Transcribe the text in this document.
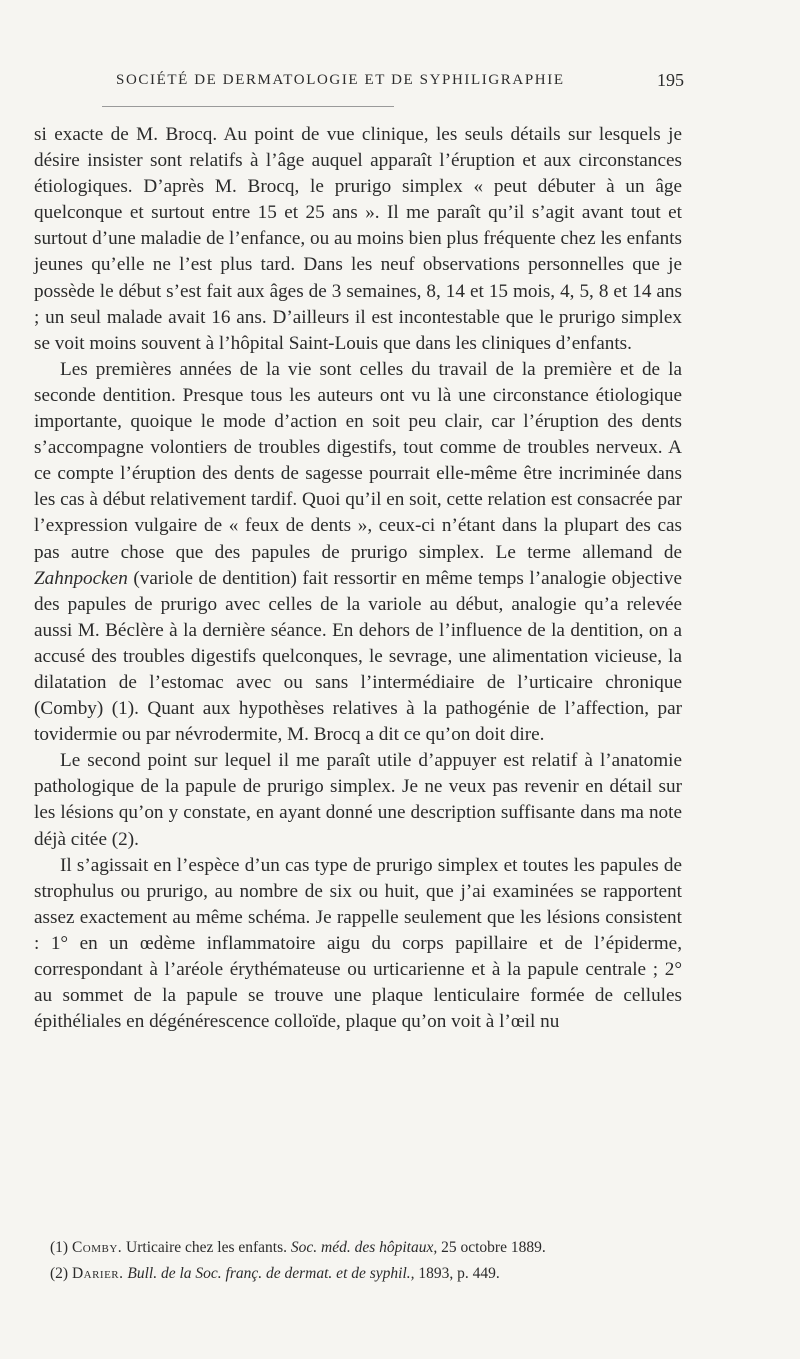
SOCIÉTÉ DE DERMATOLOGIE ET DE SYPHILIGRAPHIE	195

si exacte de M. Brocq. Au point de vue clinique, les seuls détails sur lesquels je désire insister sont relatifs à l’âge auquel apparaît l’éruption et aux circonstances étiologiques. D’après M. Brocq, le prurigo simplex « peut débuter à un âge quelconque et surtout entre 15 et 25 ans ». Il me paraît qu’il s’agit avant tout et surtout d’une maladie de l’enfance, ou au moins bien plus fréquente chez les enfants jeunes qu’elle ne l’est plus tard. Dans les neuf observations personnelles que je possède le début s’est fait aux âges de 3 semaines, 8, 14 et 15 mois, 4, 5, 8 et 14 ans ; un seul malade avait 16 ans. D’ailleurs il est incontestable que le prurigo simplex se voit moins souvent à l’hôpital Saint-Louis que dans les cliniques d’enfants.

Les premières années de la vie sont celles du travail de la première et de la seconde dentition. Presque tous les auteurs ont vu là une circonstance étiologique importante, quoique le mode d’action en soit peu clair, car l’éruption des dents s’accompagne volontiers de troubles digestifs, tout comme de troubles nerveux. A ce compte l’éruption des dents de sagesse pourrait elle-même être incriminée dans les cas à début relativement tardif. Quoi qu’il en soit, cette relation est consacrée par l’expression vulgaire de « feux de dents », ceux-ci n’étant dans la plupart des cas pas autre chose que des papules de prurigo simplex. Le terme allemand de Zahnpocken (variole de dentition) fait ressortir en même temps l’analogie objective des papules de prurigo avec celles de la variole au début, analogie qu’a relevée aussi M. Béclère à la dernière séance. En dehors de l’influence de la dentition, on a accusé des troubles digestifs quelconques, le sevrage, une alimentation vicieuse, la dilatation de l’estomac avec ou sans l’intermédiaire de l’urticaire chronique (Comby) (1). Quant aux hypothèses relatives à la pathogénie de l’affection, par tovidermie ou par névrodermite, M. Brocq a dit ce qu’on doit dire.

Le second point sur lequel il me paraît utile d’appuyer est relatif à l’anatomie pathologique de la papule de prurigo simplex. Je ne veux pas revenir en détail sur les lésions qu’on y constate, en ayant donné une description suffisante dans ma note déjà citée (2).

Il s’agissait en l’espèce d’un cas type de prurigo simplex et toutes les papules de strophulus ou prurigo, au nombre de six ou huit, que j’ai examinées se rapportent assez exactement au même schéma. Je rappelle seulement que les lésions consistent : 1° en un œdème inflammatoire aigu du corps papillaire et de l’épiderme, correspondant à l’aréole érythémateuse ou urticarienne et à la papule centrale ; 2° au sommet de la papule se trouve une plaque lenticulaire formée de cellules épithéliales en dégénérescence colloïde, plaque qu’on voit à l’œil nu

(1) Comby. Urticaire chez les enfants. Soc. méd. des hôpitaux, 25 octobre 1889.
(2) Darier. Bull. de la Soc. franç. de dermat. et de syphil., 1893, p. 449.
